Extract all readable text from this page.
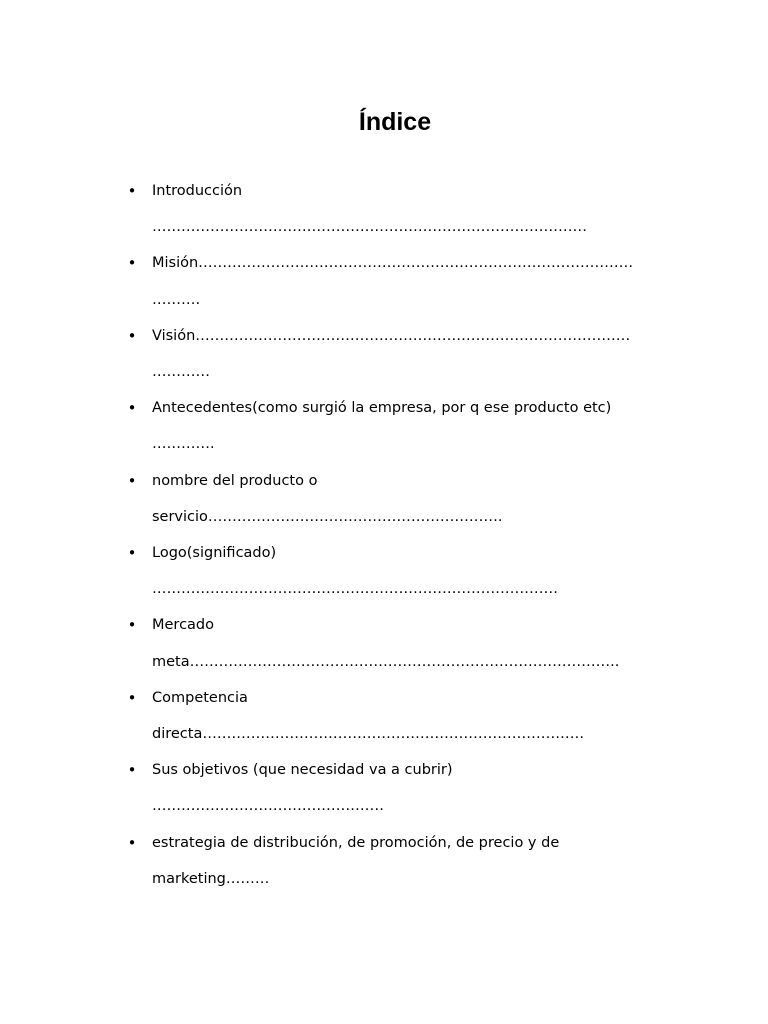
Índice
• Introducción
………………………………………………………………………………
• Misión………………………………………………………………………………
……….
• Visión………………………………………………………………………………
…………
• Antecedentes(como surgió la empresa, por q ese producto etc)
………….
• nombre del producto o
servicio…………………………………………………….
• Logo(significado)
…………………………………………………………………………
• Mercado
meta……………………………………………………………………………..
• Competencia
directa…………………………………………………………………….
• Sus objetivos (que necesidad va a cubrir)
…………………………………………
• estrategia de distribución, de promoción, de precio y de
marketing………
